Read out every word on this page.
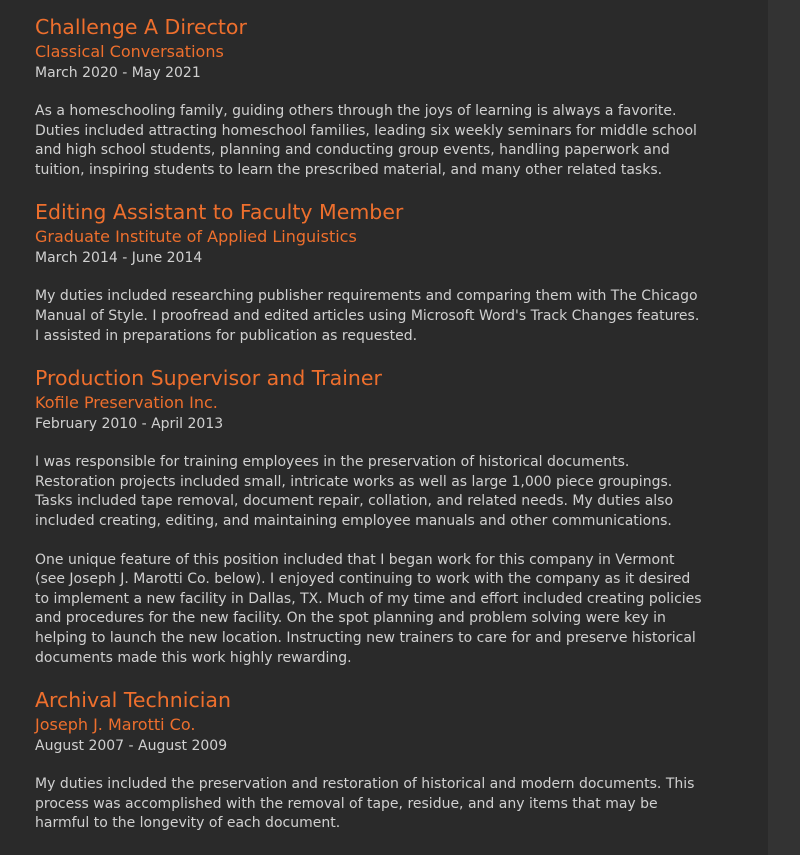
Challenge A Director
Classical Conversations
March 2020 - May 2021

As a homeschooling family, guiding others through the joys of learning is always a favorite. Duties included attracting homeschool families, leading six weekly seminars for middle school and high school students, planning and conducting group events, handling paperwork and tuition, inspiring students to learn the prescribed material, and many other related tasks.

Editing Assistant to Faculty Member
Graduate Institute of Applied Linguistics
March 2014 - June 2014

My duties included researching publisher requirements and comparing them with The Chicago Manual of Style. I proofread and edited articles using Microsoft Word's Track Changes features. I assisted in preparations for publication as requested.

Production Supervisor and Trainer
Kofile Preservation Inc.
February 2010 - April 2013

I was responsible for training employees in the preservation of historical documents. Restoration projects included small, intricate works as well as large 1,000 piece groupings. Tasks included tape removal, document repair, collation, and related needs. My duties also included creating, editing, and maintaining employee manuals and other communications.

One unique feature of this position included that I began work for this company in Vermont (see Joseph J. Marotti Co. below). I enjoyed continuing to work with the company as it desired to implement a new facility in Dallas, TX. Much of my time and effort included creating policies and procedures for the new facility. On the spot planning and problem solving were key in helping to launch the new location. Instructing new trainers to care for and preserve historical documents made this work highly rewarding.

Archival Technician
Joseph J. Marotti Co.
August 2007 - August 2009

My duties included the preservation and restoration of historical and modern documents. This process was accomplished with the removal of tape, residue, and any items that may be harmful to the longevity of each document.
